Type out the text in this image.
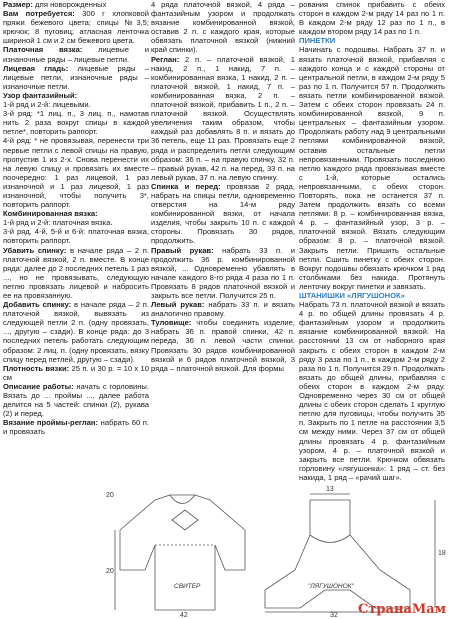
Размер: для новорожденных

Вам потребуется: 300 г хлопковой пряжи бежевого цвета; спицы №3,5; крючок; 8 пуговиц; атласная ленточка шириной 1 см и 2 см бежевого цвета.

Платочная вязка: лицевые и изнаночные ряды – лицевые петли.

Лицевая гладь: лицевые ряды – лицевые петли, изнаночные ряды – изнаночные петли.

Узор фантазийный:

1-й ряд и 2-й: лицевыми.

3-й ряд: *1 лиц. п., 3 лиц. п., намотав нить 2 раза вокруг спицы в каждой петле*, повторить раппорт.

4-й ряд: * не провязывая, перенести три первые петли с левой спицы на правую, пропустив 1 из 2-х. Снова перенести их на левую спицу и провязать их вместе поочередно: 1 раз лицевой, 1 раз изнаночной и 1 раз лицевой, 1 раз изнаночной, чтобы получить 3*, повторить раппорт.

Комбинированная вязка:

1-й ряд и 2-й: платочная вязка.

3-й ряд, 4-й, 5-й и 6-й: платочная вязка, повторить раппорт.

Убавить спинку: в начале ряда – 2 п. платочной вязкой, 2 п. вместе. В конце ряда: далее до 2 последних петель 1 раз ..., но не провязывать, следующую петлю провязать лицевой и набросить ее на провязанную.

Добавить спинку: в начале ряда – 2 п. платочной вязкой, вывязать из следующей петли 2 п. (одну провязать, ..., другую – сзади). В конце ряда: до 3 последних петель работать следующим образом: 2 лиц. п. (одну провязать, вязку спицу перед петлей, другую – сзади).

Плотность вязки: 25 п. и 30 р. = 10 х 10 см

Описание работы: начать с горловины. Вязать до ... проймы ..., далее работа делится на 5 частей: спинки (2), рукава (2) и перед.

Вязание проймы-реглан: набрать 60 п. и провязать

4 ряда платочной вязкой, 4 ряда – фантазийным узором и продолжать вязание комбинированной вязкой, оставив 2 п. с каждого края, которые обвязать платочной вязкой (нижний край спинки).

Реглан: 2 п. – платочной вязкой, 1 накид, 2 п., 1 накид, 7 п. – комбинированная вязка, 1 накид, 2 п. – платочной вязкой, 1 накид, 7 п. – комбинированная вязка, 2 п. – платочной вязкой, прибавить 1 п., 2 п. – платочной вязкой. Осуществлять увеличения таким образом, чтобы каждый раз добавлять 8 п. и вязать до 36 петель, еще 11 раз. Провязать еще 2 ряда и распределить петли следующим образом: 36 п. – на правую спинку, 32 п. – правый рукав, 42 п. на перед, 33 п. на левый рукав, 37 п. на левую спинку.

Спинка и перед: провязав 2 ряда, набрать на спицы петли, одновременно отверстия на 14-м ряду комбинированной вязки, от начала изделия, чтобы закрыть 10 п. с каждой стороны. Провязать 30 рядов, продолжить.

Правый рукав: набрать 33 п. и продолжить 36 р. комбинированной вязкой, ... Одновременно убавлять в начале каждого 8-го ряда 4 раза по 1 п. Провязать 8 рядов платочной вязкой и закрыть все петли. Получится 25 п.

Левый рукав: набрать 33 п. и вязать аналогично правому.

Туловище: чтобы соединить изделие, набрать 36 п. правой спинки, 42 п. переда, 36 п. левой части спинки. Провязать 30 рядов комбинированной вязкой и 6 рядов платочной вязкой, 3 ряда – платочной вязкой. Для формы

рования спинок прибавить с обеих сторон в каждом 2-м ряду 14 раз по 1 п. В каждом 2-м ряду 12 раз по 1 п., в каждом втором ряду 14 раз по 1 п.

ПИНЕТКИ

Начинать с подошвы. Набрать 37 п. и вязать платочной вязкой, прибавляя с каждого конца и с каждой стороны от центральной петли, в каждом 2-м ряду 5 раз по 1 п. Получится 57 п. Продолжить вязать петли комбинированной вязкой. Затем с обеих сторон провязать 24 п. комбинированной вязкой, 9 п. центральных – фантазийным узором. Продолжать работу над 9 центральными петлями комбинированной вязкой, оставив остальные петли непровязанными. Провязать последнюю петлю каждого ряда провязывая вместе с 1-й, которые остались непровязанными, с обеих сторон. Повторять, пока не останется 37 п. Затем продолжить вязать со всеми петлями: 8 р. – комбинированная вязка, 4 р. – фантазийный узор, 3 р. – платочной вязкой. Вязать следующим образом: 8 р. – платочной вязкой. Закрыть петли. Пришить остальные петли. Сшить пинетку с обеих сторон. Вокруг подошвы обвязать крючком 1 ряд столбиками без накида. Протянуть ленточку вокруг пинетки и завязать.

ШТАНИШКИ «ЛЯГУШОНОК»

Набрать 73 п. платочной вязкой и вязать 4 р. по общей длины провязать 4 р. фантазийным узором и продолжить вязание комбинированной вязкой. На расстоянии 13 см от наборного края закрыть с обеих сторон в каждом 2-м ряду 3 раза по 1 п., в каждом 2-м ряду 2 раза по 1 п. Получится 29 п. Продолжать вязать до общей длины, прибавляя с обеих сторон в каждом 2-м ряду. Одновременно через 30 см от общей длины с обеих сторон сделать 1 круглую петлю для пуговицы, чтобы получить 35 п. Закрыть по 1 петле на расстоянии 3,5 см между ними. Через 37 см от общей длины провязать 4 р. фантазийным узором, 4 р. – платочной вязкой и закрыть все петли. Крючком обвязать горловину «лягушонка»: 1 ряд – ст. без накида, 1 ряд – «рачий шаг».

СВИТЕР	"ЛЯГУШОНОК"
20
20
42	32
13
18
СтранаМам
